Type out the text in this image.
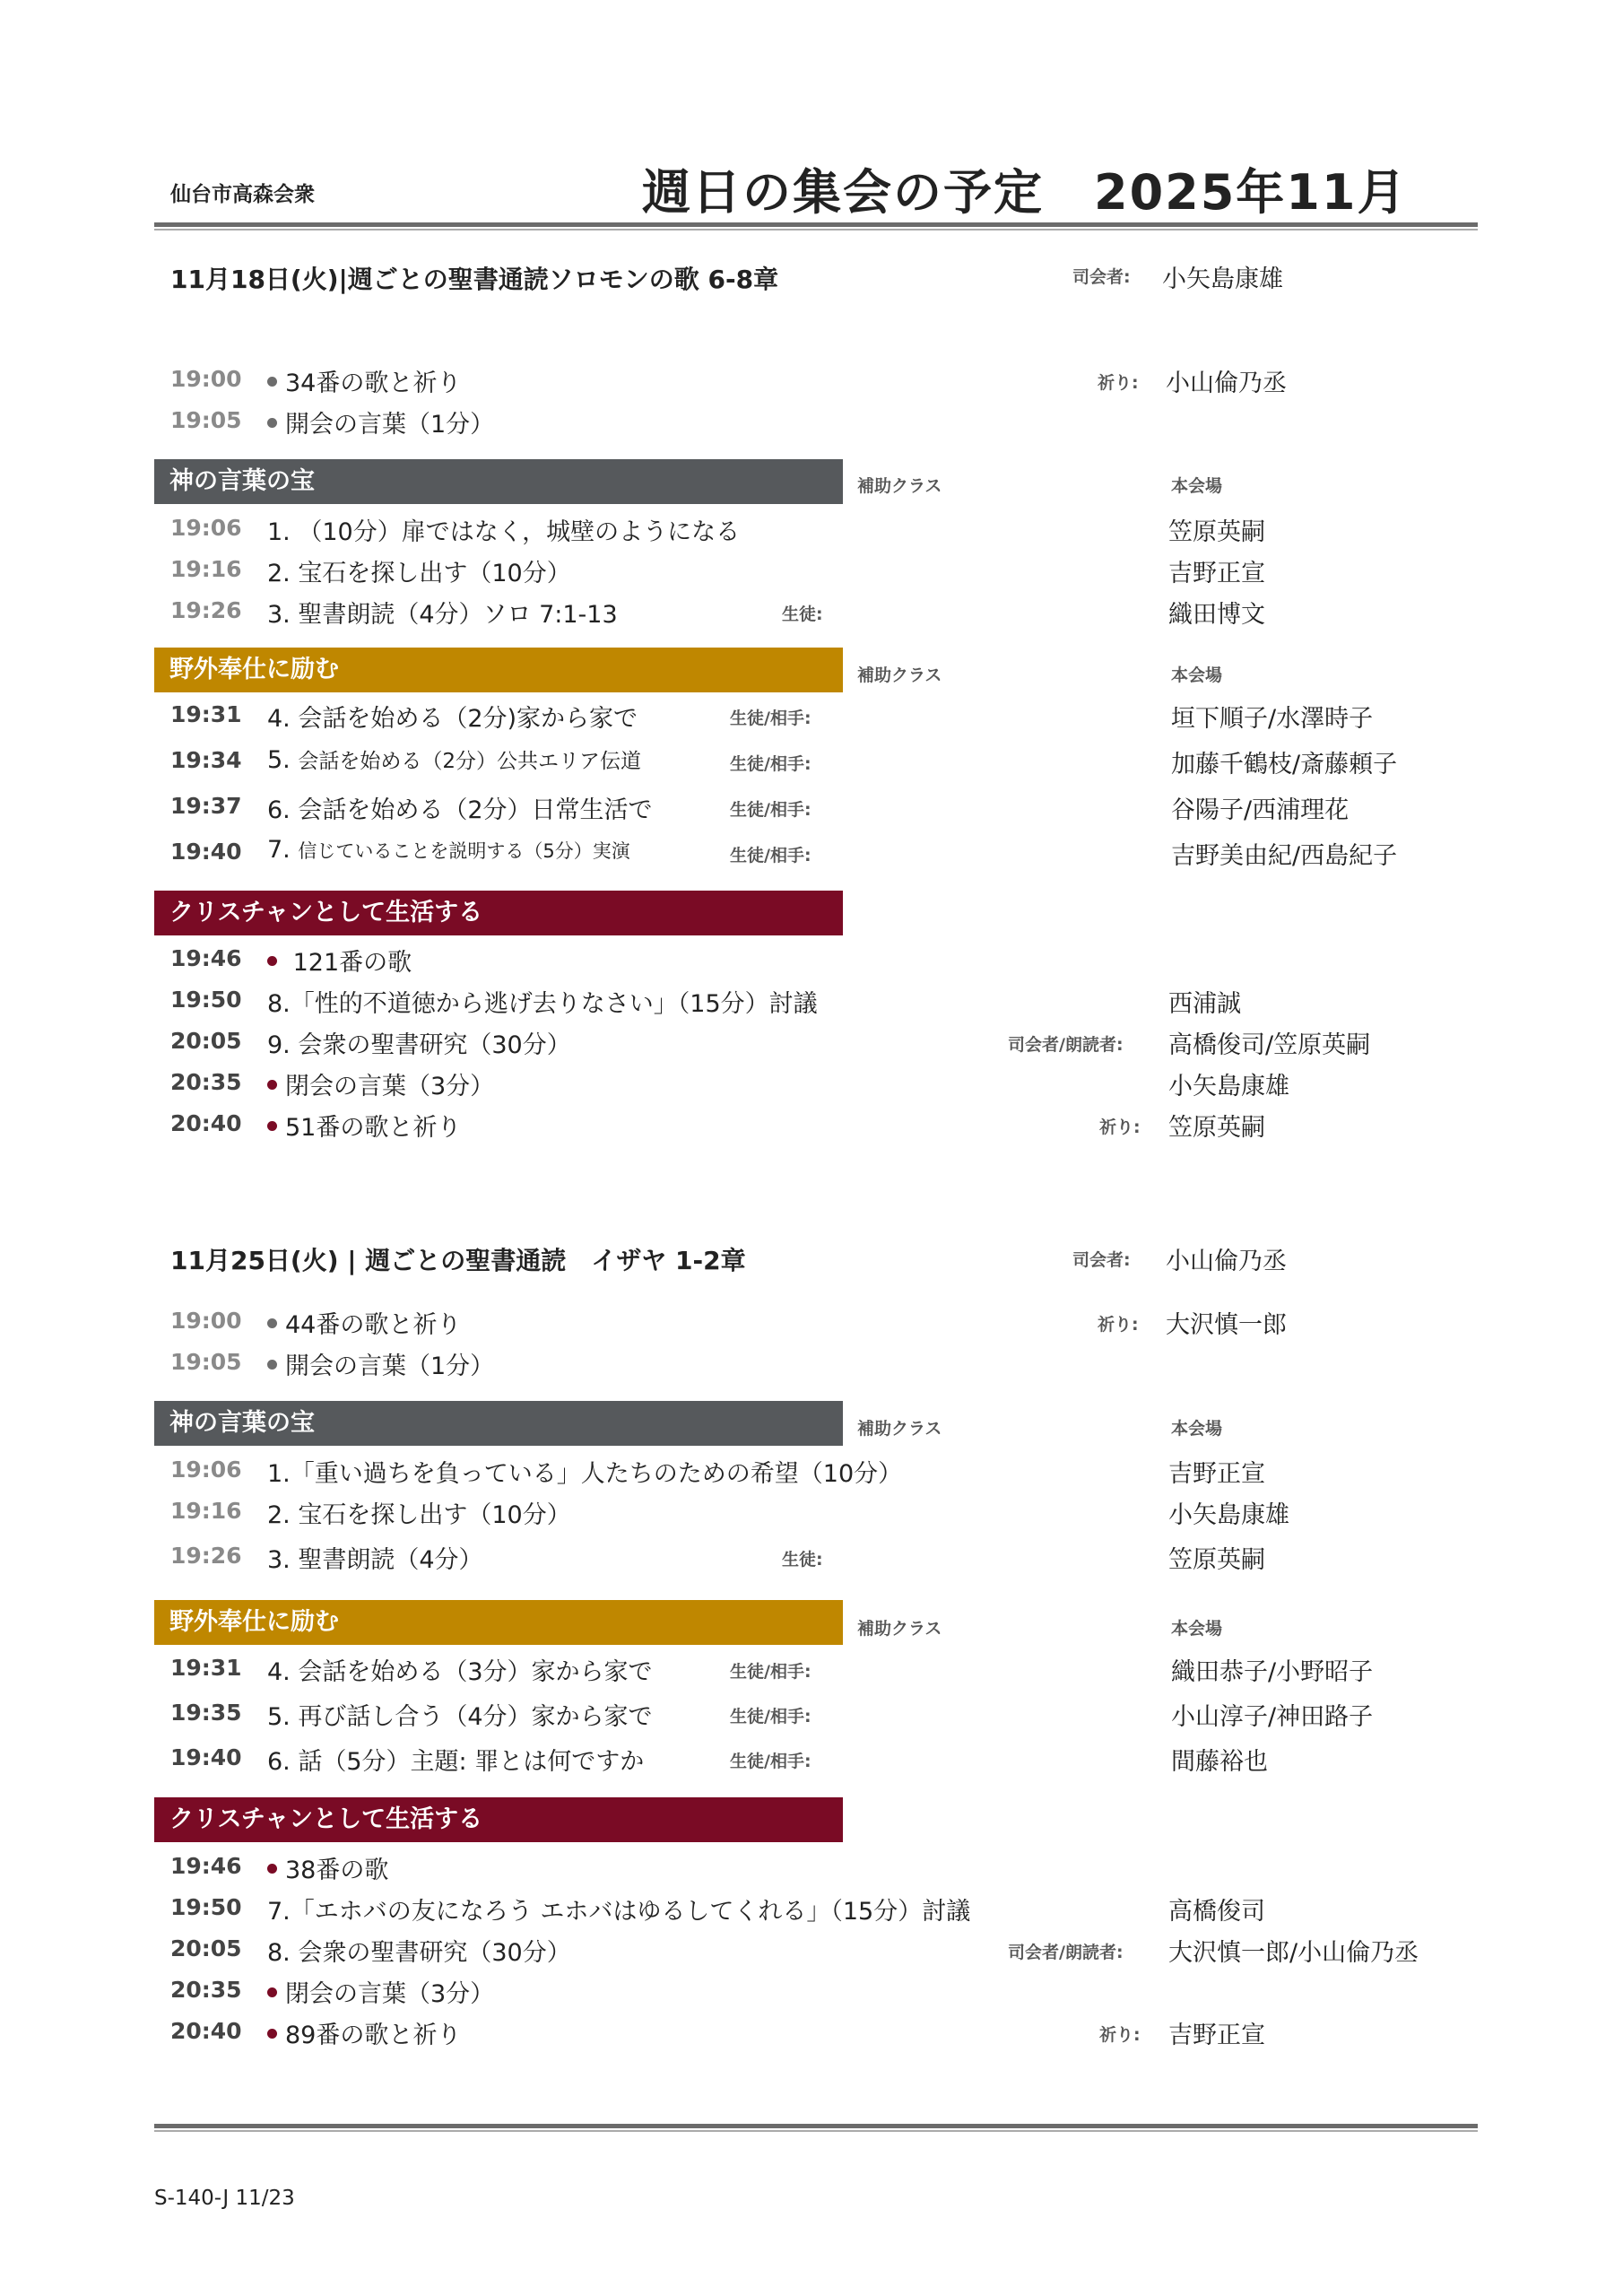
仙台市高森会衆	週日の集会の予定　2025年11月
11月18日(火)|週ごとの聖書通読ソロモンの歌 6-8章	司会者: 小矢島康雄
19:00	34番の歌と祈り	祈り: 小山倫乃丞
19:05	開会の言葉（1分）
神の言葉の宝	補助クラス	本会場
19:06 1. （10分）扉ではなく，城壁のようになる	笠原英嗣
19:16 2. 宝石を探し出す（10分）	吉野正宣
19:26 3. 聖書朗読（4分）ソロ 7:1-13	生徒:	織田博文
野外奉仕に励む	補助クラス	本会場
19:31 4. 会話を始める（2分)家から家で	生徒/相手:	垣下順子/水澤時子
19:34 5. 会話を始める（2分）公共エリア伝道	生徒/相手:	加藤千鶴枝/斎藤頼子
19:37 6. 会話を始める（2分）日常生活で	生徒/相手:	谷陽子/西浦理花
19:40 7. 信じていることを説明する（5分）実演	生徒/相手:	吉野美由紀/西島紀子
クリスチャンとして生活する
19:46	121番の歌
19:50 8.「性的不道徳から逃げ去りなさい」（15分）討議	西浦誠
20:05 9. 会衆の聖書研究（30分）	司会者/朗読者: 高橋俊司/笠原英嗣
20:35	閉会の言葉（3分）	小矢島康雄
20:40	51番の歌と祈り	祈り: 笠原英嗣
11月25日(火) | 週ごとの聖書通読　イザヤ 1-2章	司会者: 小山倫乃丞
19:00	44番の歌と祈り	祈り: 大沢慎一郎
19:05	開会の言葉（1分）
神の言葉の宝	補助クラス	本会場
19:06 1.「重い過ちを負っている」人たちのための希望（10分）	吉野正宣
19:16 2. 宝石を探し出す（10分）	小矢島康雄
19:26 3. 聖書朗読（4分）	生徒:	笠原英嗣
野外奉仕に励む	補助クラス	本会場
19:31 4. 会話を始める（3分）家から家で	生徒/相手:	織田恭子/小野昭子
19:35 5. 再び話し合う（4分）家から家で	生徒/相手:	小山淳子/神田路子
19:40 6. 話（5分）主題: 罪とは何ですか	生徒/相手:	間藤裕也
クリスチャンとして生活する
19:46	38番の歌
19:50 7.「エホバの友になろう エホバはゆるしてくれる」（15分）討議	高橋俊司
20:05 8. 会衆の聖書研究（30分）	司会者/朗読者: 大沢慎一郎/小山倫乃丞
20:35	閉会の言葉（3分）
20:40	89番の歌と祈り	祈り: 吉野正宣
S-140-J 11/23
